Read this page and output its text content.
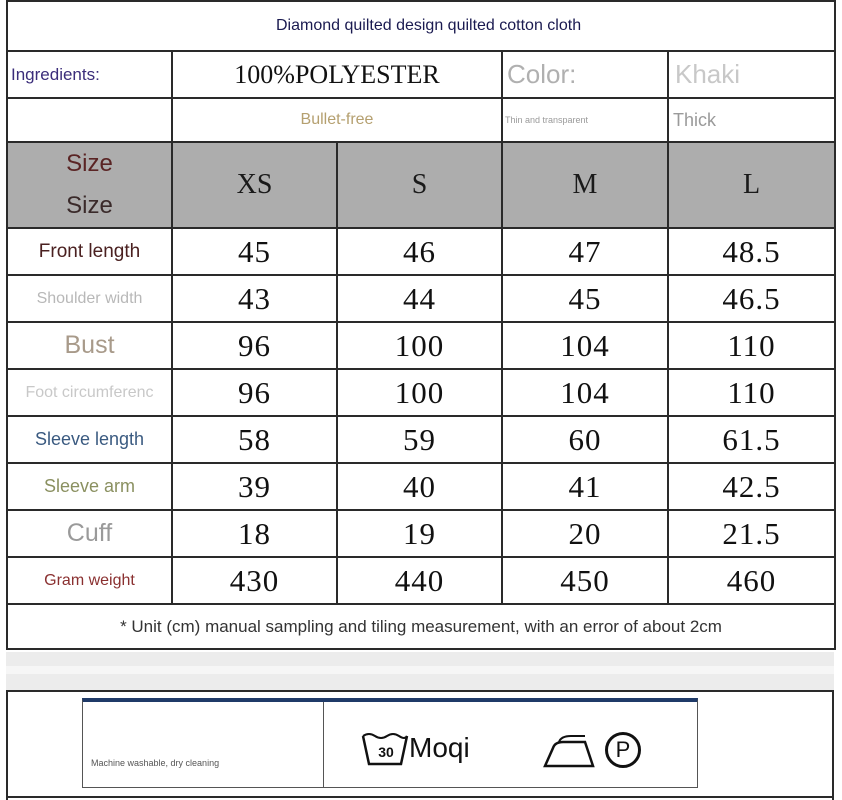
Diamond quilted design quilted cotton cloth				
Ingredients:	100%POLYESTER		Color:	Khaki
	Bullet-free		Thin and transparent	Thick
Size
Size	XS	S	M	L
Front length	45	46	47	48.5
Shoulder width	43	44	45	46.5
Bust	96	100	104	110
Foot circumferenc	96	100	104	110
Sleeve length	58	59	60	61.5
Sleeve arm	39	40	41	42.5
Cuff	18	19	20	21.5
Gram weight	430	440	450	460
* Unit (cm) manual sampling and tiling measurement, with an error of about 2cm				
Machine washable, dry cleaning
30 Moqi	P
